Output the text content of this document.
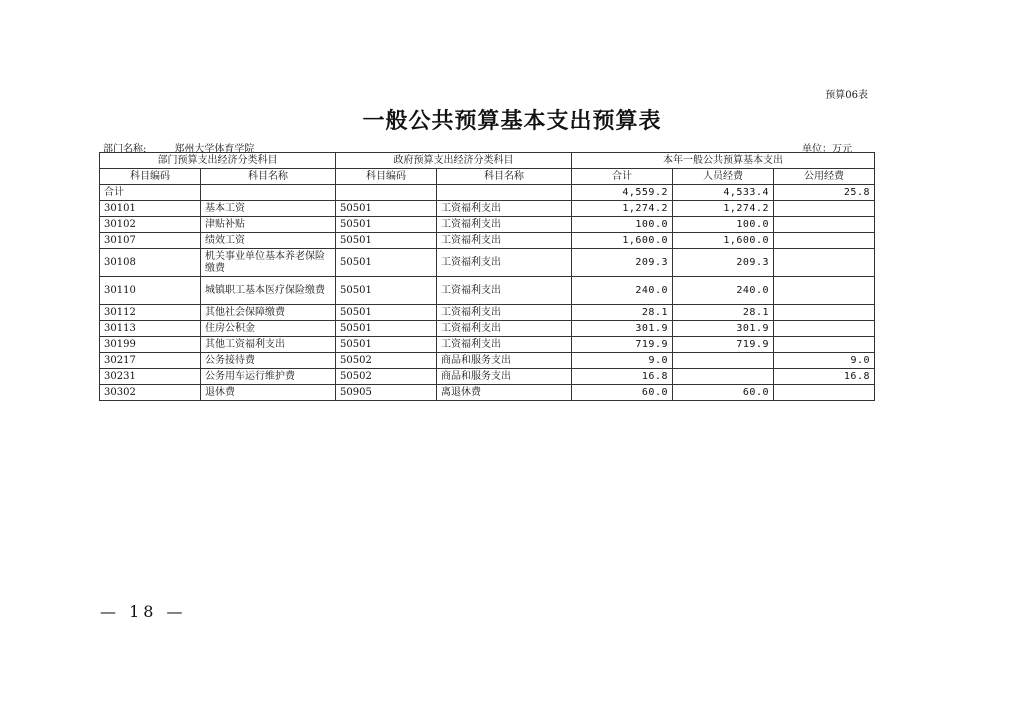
预算06表
一般公共预算基本支出预算表
部门名称:	郑州大学体育学院	单位：万元
部门预算支出经济分类科目		政府预算支出经济分类科目		本年一般公共预算基本支出		
科目编码	科目名称	科目编码	科目名称	合计	人员经费	公用经费
合计				4,559.2	4,533.4	25.8
30101	基本工资	50501	工资福利支出	1,274.2	1,274.2	
30102	津贴补贴	50501	工资福利支出	100.0	100.0	
30107	绩效工资	50501	工资福利支出	1,600.0	1,600.0	
30108	机关事业单位基本养老保险缴费	50501	工资福利支出	209.3	209.3	
30110	城镇职工基本医疗保险缴费	50501	工资福利支出	240.0	240.0	
30112	其他社会保障缴费	50501	工资福利支出	28.1	28.1	
30113	住房公积金	50501	工资福利支出	301.9	301.9	
30199	其他工资福利支出	50501	工资福利支出	719.9	719.9	
30217	公务接待费	50502	商品和服务支出	9.0		9.0
30231	公务用车运行维护费	50502	商品和服务支出	16.8		16.8
30302	退休费	50905	离退休费	60.0	60.0	
— 18 —
